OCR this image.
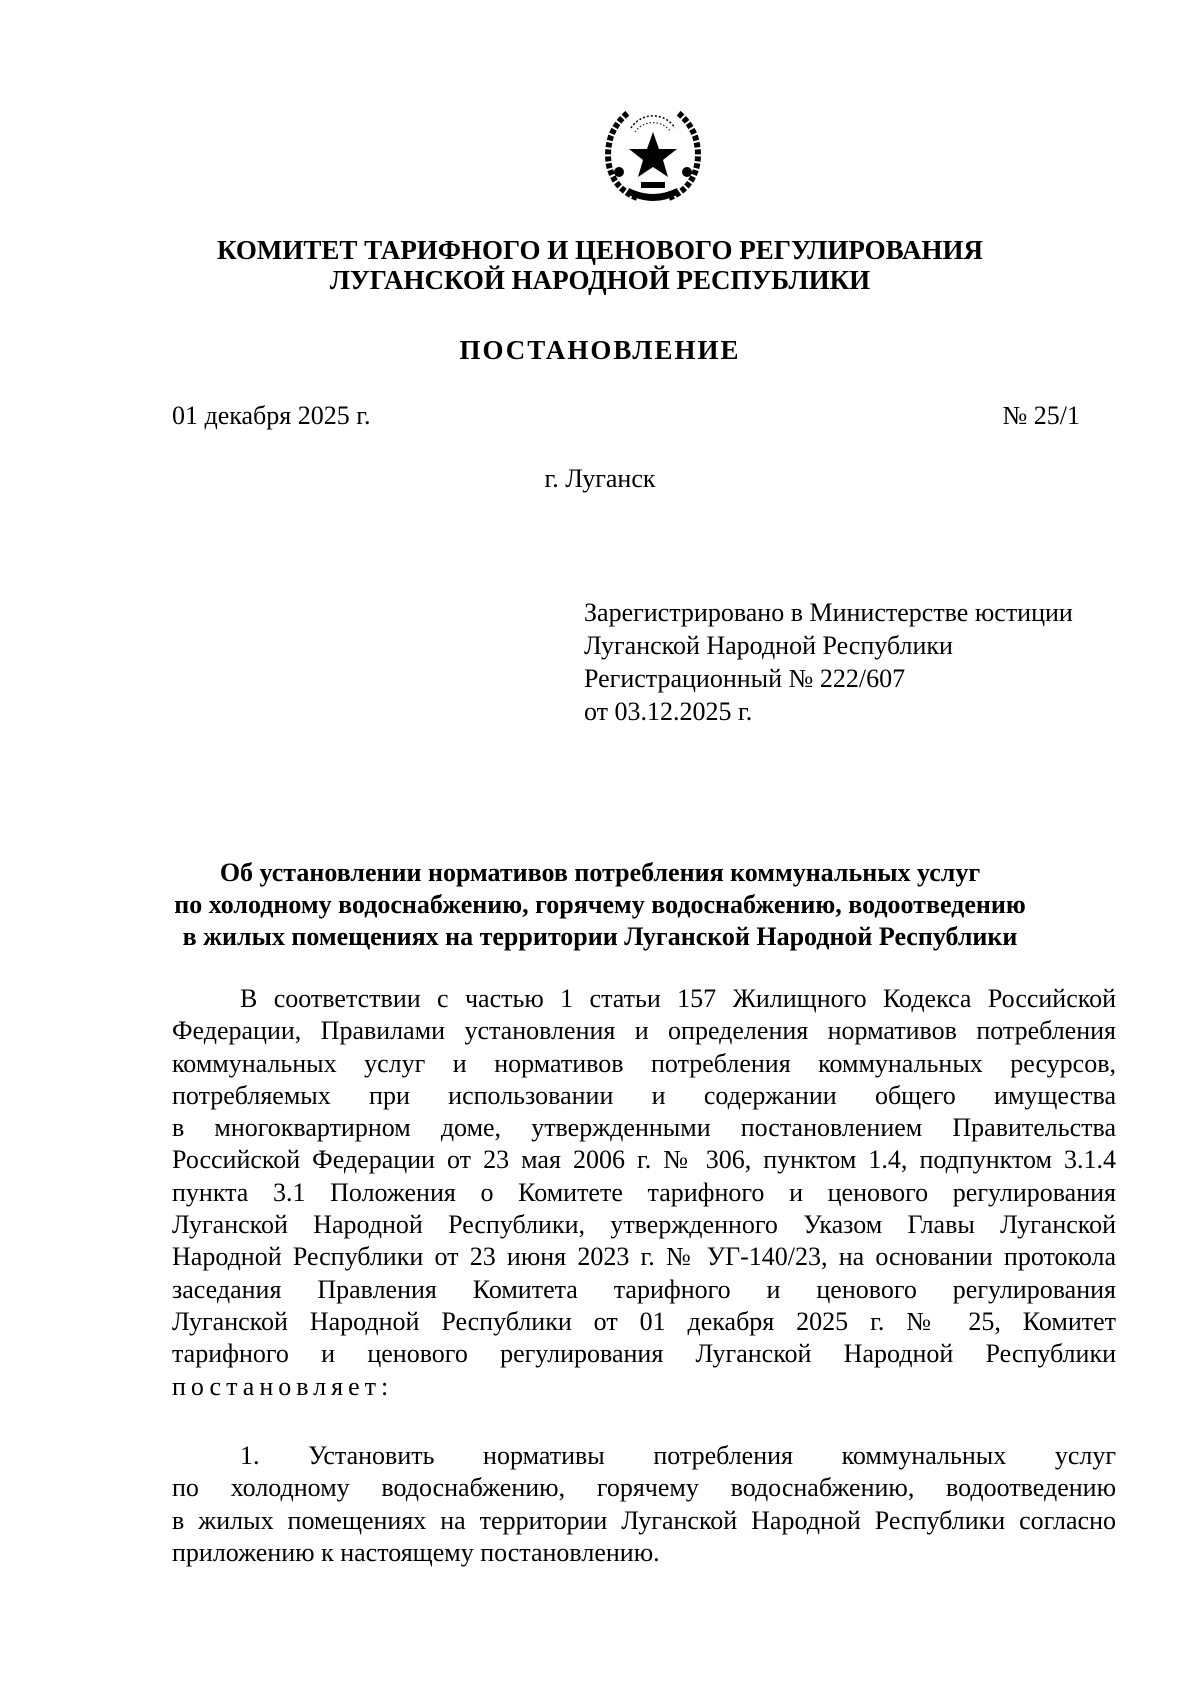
КОМИТЕТ ТАРИФНОГО И ЦЕНОВОГО РЕГУЛИРОВАНИЯ
ЛУГАНСКОЙ НАРОДНОЙ РЕСПУБЛИКИ
ПОСТАНОВЛЕНИЕ
01 декабря 2025 г.	№ 25/1
г. Луганск
Зарегистрировано в Министерстве юстиции
Луганской Народной Республики
Регистрационный № 222/607
от 03.12.2025 г.
Об установлении нормативов потребления коммунальных услуг
по холодному водоснабжению, горячему водоснабжению, водоотведению
в жилых помещениях на территории Луганской Народной Республики
В соответствии с частью 1 статьи 157 Жилищного Кодекса Российской
Федерации, Правилами установления и определения нормативов потребления
коммунальных услуг и нормативов потребления коммунальных ресурсов,
потребляемых при использовании и содержании общего имущества
в многоквартирном доме, утвержденными постановлением Правительства
Российской Федерации от 23 мая 2006 г. № 306, пунктом 1.4, подпунктом 3.1.4
пункта 3.1 Положения о Комитете тарифного и ценового регулирования
Луганской Народной Республики, утвержденного Указом Главы Луганской
Народной Республики от 23 июня 2023 г. № УГ-140/23, на основании протокола
заседания Правления Комитета тарифного и ценового регулирования
Луганской Народной Республики от 01 декабря 2025 г. № 25, Комитет
тарифного и ценового регулирования Луганской Народной Республики
постановляет:
1. Установить нормативы потребления коммунальных услуг
по холодному водоснабжению, горячему водоснабжению, водоотведению
в жилых помещениях на территории Луганской Народной Республики согласно
приложению к настоящему постановлению.
